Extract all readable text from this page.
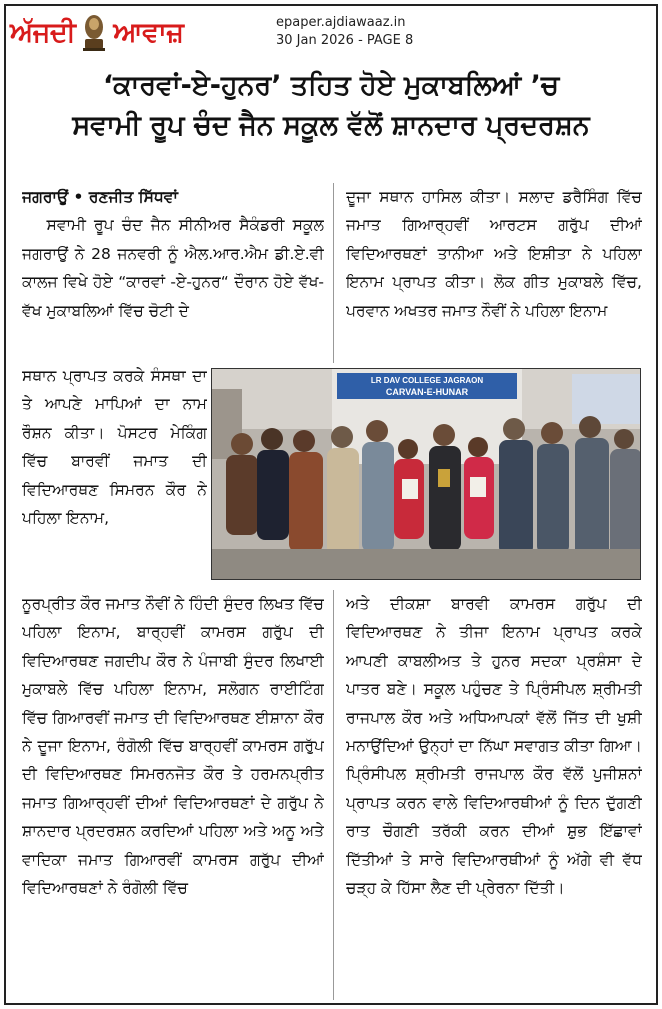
ਅੱਜਦੀ ਆਵਾਜ਼	epaper.ajdiawaaz.in
30 Jan 2026 - PAGE 8
‘ਕਾਰਵਾਂ-ਏ-ਹੁਨਰ’ ਤਹਿਤ ਹੋਏ ਮੁਕਾਬਲਿਆਂ ’ਚ
ਸਵਾਮੀ ਰੂਪ ਚੰਦ ਜੈਨ ਸਕੂਲ ਵੱਲੋਂ ਸ਼ਾਨਦਾਰ ਪ੍ਰਦਰਸ਼ਨ
ਜਗਰਾਉਂ • ਰਣਜੀਤ ਸਿੱਧਵਾਂ
ਸਵਾਮੀ ਰੂਪ ਚੰਦ ਜੈਨ ਸੀਨੀਅਰ ਸੈਕੰਡਰੀ ਸਕੂਲ ਜਗਰਾਉਂ ਨੇ 28 ਜਨਵਰੀ ਨੂੰ ਐਲ.ਆਰ.ਐਮ ਡੀ.ਏ.ਵੀ ਕਾਲਜ ਵਿਖੇ ਹੋਏ “ਕਾਰਵਾਂ -ਏ-ਹੁਨਰ“ ਦੌਰਾਨ ਹੋਏ ਵੱਖ-ਵੱਖ ਮੁਕਾਬਲਿਆਂ ਵਿੱਚ ਚੋਟੀ ਦੇ
ਸਥਾਨ ਪ੍ਰਾਪਤ ਕਰਕੇ ਸੰਸਥਾ ਦਾ ਤੇ ਆਪਣੇ ਮਾਪਿਆਂ ਦਾ ਨਾਮ ਰੌਸ਼ਨ ਕੀਤਾ। ਪੋਸਟਰ ਮੇਕਿੰਗ ਵਿੱਚ ਬਾਰਵੀਂ ਜਮਾਤ ਦੀ ਵਿਦਿਆਰਥਣ ਸਿਮਰਨ ਕੌਰ ਨੇ ਪਹਿਲਾ ਇਨਾਮ,
ਨੂਰਪ੍ਰੀਤ ਕੌਰ ਜਮਾਤ ਨੌਵੀਂ ਨੇ ਹਿੰਦੀ ਸੁੰਦਰ ਲਿਖਤ ਵਿੱਚ ਪਹਿਲਾ ਇਨਾਮ, ਬਾਰ੍ਹਵੀਂ ਕਾਮਰਸ ਗਰੁੱਪ ਦੀ ਵਿਦਿਆਰਥਣ ਜਗਦੀਪ ਕੌਰ ਨੇ ਪੰਜਾਬੀ ਸੁੰਦਰ ਲਿਖਾਈ ਮੁਕਾਬਲੇ ਵਿੱਚ ਪਹਿਲਾ ਇਨਾਮ, ਸਲੋਗਨ ਰਾਈਟਿੰਗ ਵਿੱਚ ਗਿਆਰਵੀਂ ਜਮਾਤ ਦੀ ਵਿਦਿਆਰਥਣ ਈਸ਼ਾਨਾ ਕੌਰ ਨੇ ਦੂਜਾ ਇਨਾਮ, ਰੰਗੋਲੀ ਵਿੱਚ ਬਾਰ੍ਹਵੀਂ ਕਾਮਰਸ ਗਰੁੱਪ ਦੀ ਵਿਦਿਆਰਥਣ ਸਿਮਰਨਜੋਤ ਕੌਰ ਤੇ ਹਰਮਨਪ੍ਰੀਤ ਜਮਾਤ ਗਿਆਰ੍ਹਵੀਂ ਦੀਆਂ ਵਿਦਿਆਰਥਣਾਂ ਦੇ ਗਰੁੱਪ ਨੇ ਸ਼ਾਨਦਾਰ ਪ੍ਰਦਰਸ਼ਨ ਕਰਦਿਆਂ ਪਹਿਲਾ ਅਤੇ ਅਨੂ ਅਤੇ ਵਾਦਿਕਾ ਜਮਾਤ ਗਿਆਰਵੀਂ ਕਾਮਰਸ ਗਰੁੱਪ ਦੀਆਂ ਵਿਦਿਆਰਥਣਾਂ ਨੇ ਰੰਗੋਲੀ ਵਿੱਚ
ਦੂਜਾ ਸਥਾਨ ਹਾਸਿਲ ਕੀਤਾ। ਸਲਾਦ ਡਰੈਸਿੰਗ ਵਿੱਚ ਜਮਾਤ ਗਿਆਰ੍ਹਵੀਂ ਆਰਟਸ ਗਰੁੱਪ ਦੀਆਂ ਵਿਦਿਆਰਥਣਾਂ ਤਾਨੀਆ ਅਤੇ ਇਸ਼ੀਤਾ ਨੇ ਪਹਿਲਾ ਇਨਾਮ ਪ੍ਰਾਪਤ ਕੀਤਾ। ਲੋਕ ਗੀਤ ਮੁਕਾਬਲੇ ਵਿੱਚ, ਪਰਵਾਨ ਅਖਤਰ ਜਮਾਤ ਨੌਵੀਂ ਨੇ ਪਹਿਲਾ ਇਨਾਮ
ਅਤੇ ਦੀਕਸ਼ਾ ਬਾਰਵੀ ਕਾਮਰਸ ਗਰੁੱਪ ਦੀ ਵਿਦਿਆਰਥਣ ਨੇ ਤੀਜਾ ਇਨਾਮ ਪ੍ਰਾਪਤ ਕਰਕੇ ਆਪਣੀ ਕਾਬਲੀਅਤ ਤੇ ਹੁਨਰ ਸਦਕਾ ਪ੍ਰਸ਼ੰਸਾ ਦੇ ਪਾਤਰ ਬਣੇ। ਸਕੂਲ ਪਹੁੰਚਣ ਤੇ ਪ੍ਰਿੰਸੀਪਲ ਸ਼੍ਰੀਮਤੀ ਰਾਜਪਾਲ ਕੌਰ ਅਤੇ ਅਧਿਆਪਕਾਂ ਵੱਲੋਂ ਜਿੱਤ ਦੀ ਖੁਸ਼ੀ ਮਨਾਉਂਦਿਆਂ ਉਨ੍ਹਾਂ ਦਾ ਨਿੱਘਾ ਸਵਾਗਤ ਕੀਤਾ ਗਿਆ। ਪ੍ਰਿੰਸੀਪਲ ਸ਼੍ਰੀਮਤੀ ਰਾਜਪਾਲ ਕੌਰ ਵੱਲੋਂ ਪੁਜੀਸ਼ਨਾਂ ਪ੍ਰਾਪਤ ਕਰਨ ਵਾਲੇ ਵਿਦਿਆਰਥੀਆਂ ਨੂੰ ਦਿਨ ਦੁੱਗਣੀ ਰਾਤ ਚੌਗਣੀ ਤਰੱਕੀ ਕਰਨ ਦੀਆਂ ਸ਼ੁਭ ਇੱਛਾਵਾਂ ਦਿੱਤੀਆਂ ਤੇ ਸਾਰੇ ਵਿਦਿਆਰਥੀਆਂ ਨੂੰ ਅੱਗੇ ਵੀ ਵੱਧ ਚੜ੍ਹ ਕੇ ਹਿੱਸਾ ਲੈਣ ਦੀ ਪ੍ਰੇਰਨਾ ਦਿੱਤੀ।
LR DAV COLLEGE JAGRAON
CARVAN-E-HUNAR
